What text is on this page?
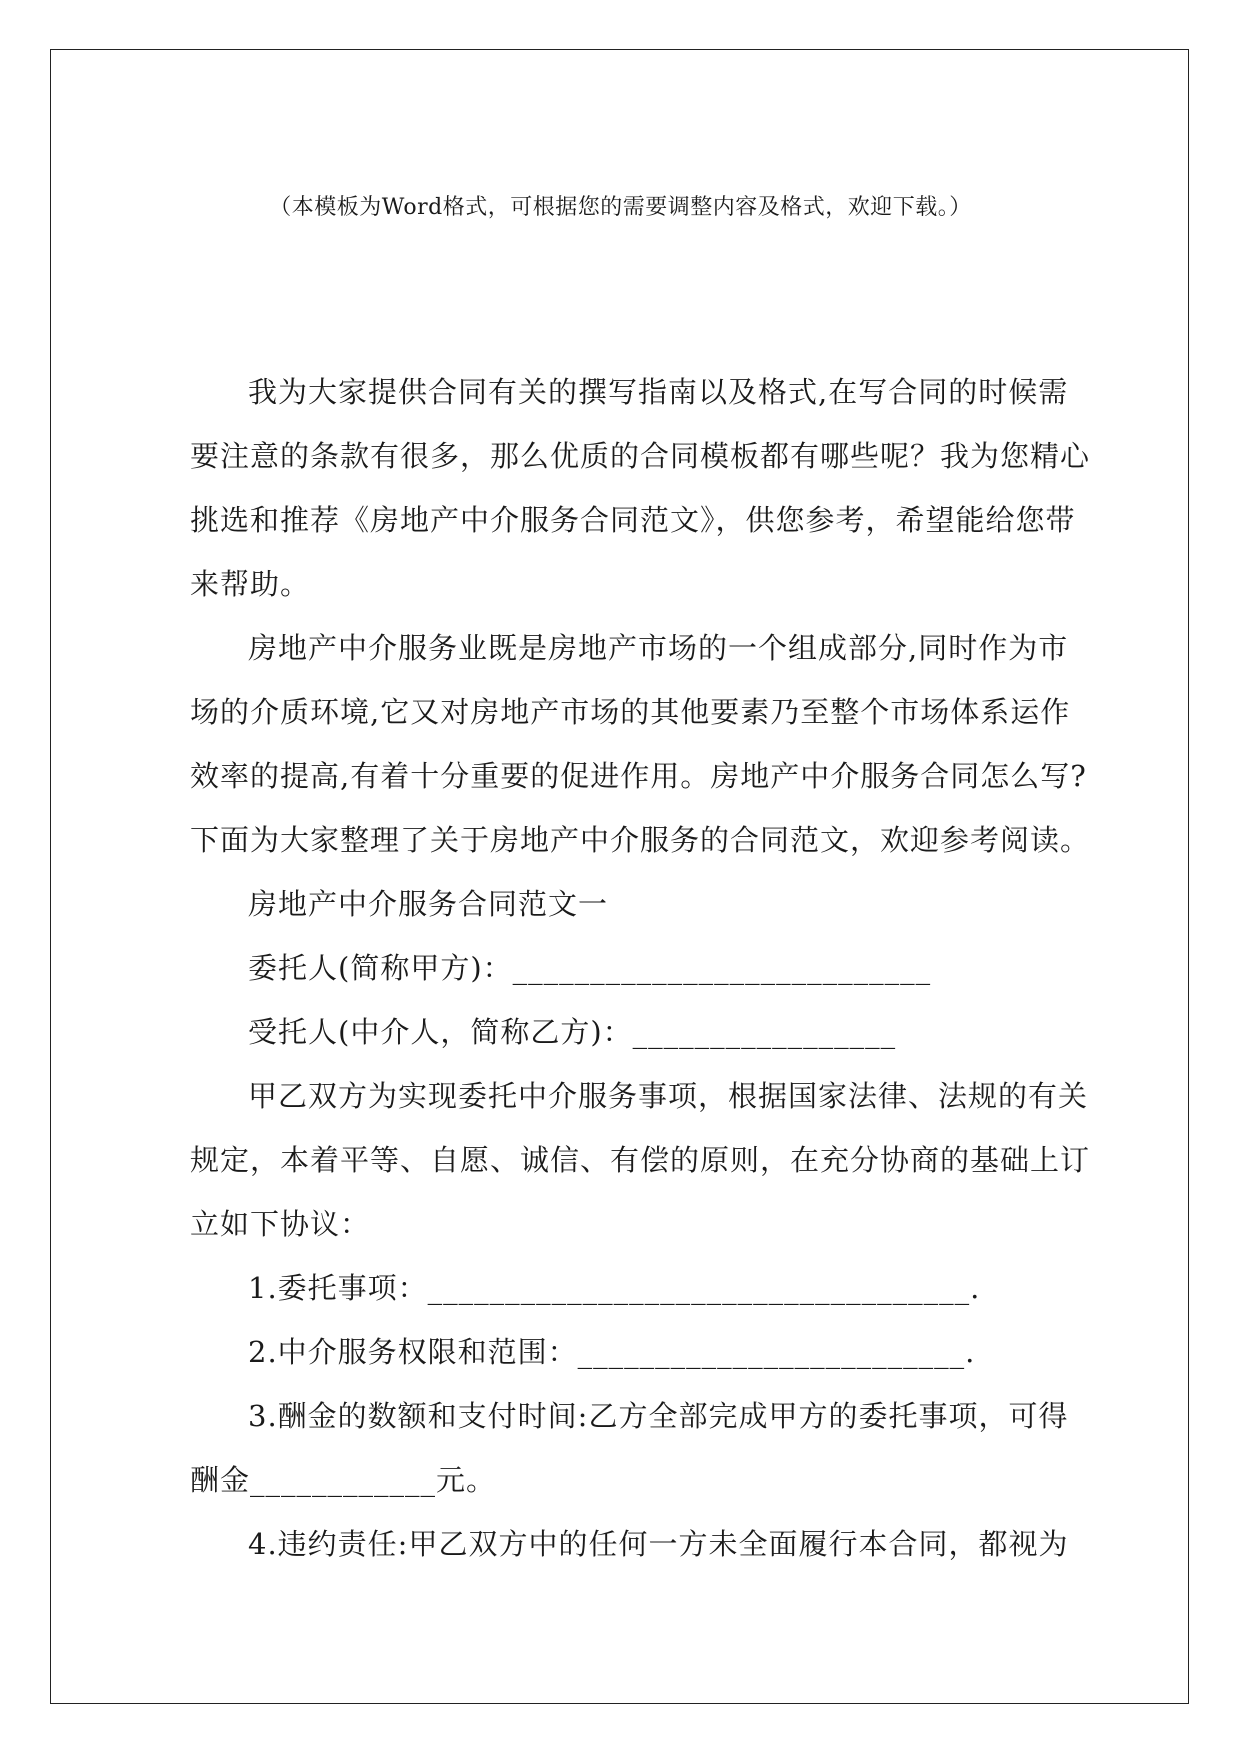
（本模板为Word格式，可根据您的需要调整内容及格式，欢迎下载。）
我为大家提供合同有关的撰写指南以及格式,在写合同的时候需
要注意的条款有很多，那么优质的合同模板都有哪些呢？我为您精心
挑选和推荐《房地产中介服务合同范文》，供您参考，希望能给您带
来帮助。
房地产中介服务业既是房地产市场的一个组成部分,同时作为市
场的介质环境,它又对房地产市场的其他要素乃至整个市场体系运作
效率的提高,有着十分重要的促进作用。房地产中介服务合同怎么写?
下面为大家整理了关于房地产中介服务的合同范文，欢迎参考阅读。
房地产中介服务合同范文一
委托人(简称甲方)：___________________________
受托人(中介人，简称乙方)：_________________
甲乙双方为实现委托中介服务事项，根据国家法律、法规的有关
规定，本着平等、自愿、诚信、有偿的原则，在充分协商的基础上订
立如下协议：
1.委托事项：___________________________________.
2.中介服务权限和范围：_________________________.
3.酬金的数额和支付时间:乙方全部完成甲方的委托事项，可得
酬金____________元。
4.违约责任:甲乙双方中的任何一方未全面履行本合同，都视为
